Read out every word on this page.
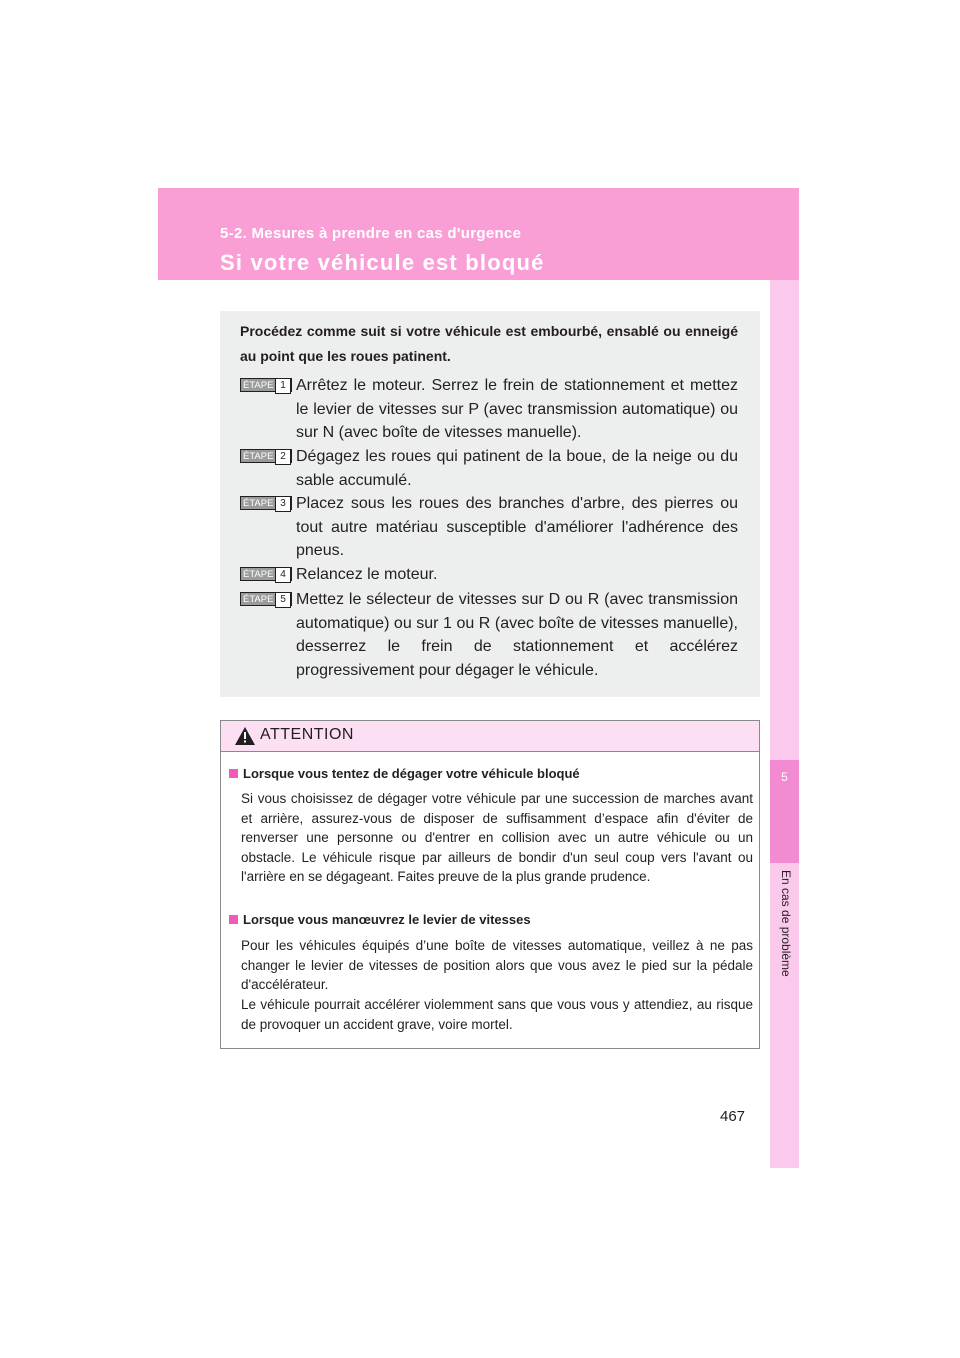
5-2. Mesures à prendre en cas d'urgence
Si votre véhicule est bloqué
5
En cas de problème
Procédez comme suit si votre véhicule est embourbé, ensablé ou enneigé au point que les roues patinent.
ÉTAPE 1 Arrêtez le moteur. Serrez le frein de stationnement et mettez le levier de vitesses sur P (avec transmission automatique) ou sur N (avec boîte de vitesses manuelle).
ÉTAPE 2 Dégagez les roues qui patinent de la boue, de la neige ou du sable accumulé.
ÉTAPE 3 Placez sous les roues des branches d'arbre, des pierres ou tout autre matériau susceptible d'améliorer l'adhérence des pneus.
ÉTAPE 4 Relancez le moteur.
ÉTAPE 5 Mettez le sélecteur de vitesses sur D ou R (avec transmission automatique) ou sur 1 ou R (avec boîte de vitesses manuelle), desserrez le frein de stationnement et accélérez progressivement pour dégager le véhicule.
ATTENTION
Lorsque vous tentez de dégager votre véhicule bloqué
Si vous choisissez de dégager votre véhicule par une succession de marches avant et arrière, assurez-vous de disposer de suffisamment d’espace afin d'éviter de renverser une personne ou d'entrer en collision avec un autre véhicule ou un obstacle. Le véhicule risque par ailleurs de bondir d'un seul coup vers l'avant ou l'arrière en se dégageant. Faites preuve de la plus grande prudence.
Lorsque vous manœuvrez le levier de vitesses
Pour les véhicules équipés d’une boîte de vitesses automatique, veillez à ne pas changer le levier de vitesses de position alors que vous avez le pied sur la pédale d'accélérateur.
Le véhicule pourrait accélérer violemment sans que vous vous y attendiez, au risque de provoquer un accident grave, voire mortel.
467
